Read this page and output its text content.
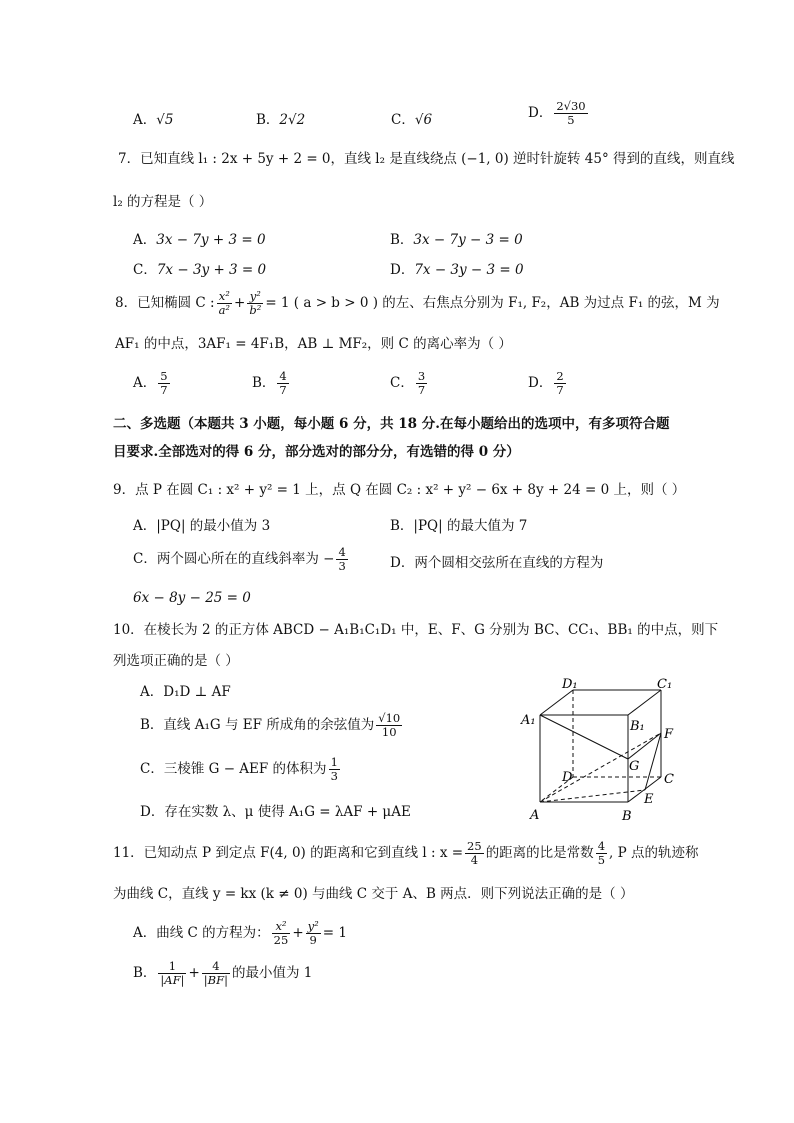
A．√5	B．2√2	C．√6	D． $\frac{2√30}{5}$
7．已知直线 l₁ : 2x + 5y + 2 = 0，直线 l₂ 是直线绕点 (−1, 0) 逆时针旋转 45° 得到的直线，则直线
l₂ 的方程是（ ）
A．3x − 7y + 3 = 0	B．3x − 7y − 3 = 0
C．7x − 3y + 3 = 0	D．7x − 3y − 3 = 0
8．已知椭圆 C : $\frac{\text{x²}}{\text{a²}} + \frac{\text{y²}}{\text{b²}} = 1$ ( a > b > 0 ) 的左、右焦点分别为 F₁, F₂，AB 为过点 F₁ 的弦，M 为
AF₁ 的中点，3AF₁ = 4F₁B，AB ⊥ MF₂，则 C 的离心率为（ ）
A． $\frac{5}{7}$	B． $\frac{4}{7}$	C． $\frac{3}{7}$	D． $\frac{2}{7}$
二、多选题（本题共 3 小题，每小题 6 分，共 18 分.在每小题给出的选项中，有多项符合题
目要求.全部选对的得 6 分，部分选对的部分分，有选错的得 0 分）
9．点 P 在圆 C₁ : x² + y² = 1 上，点 Q 在圆 C₂ : x² + y² − 6x + 8y + 24 = 0 上，则（ ）
A．|PQ| 的最小值为 3	B．|PQ| 的最大值为 7
C．两个圆心所在的直线斜率为 − $\frac{4}{3}$	D．两个圆相交弦所在直线的方程为
6x − 8y − 25 = 0
10．在棱长为 2 的正方体 ABCD − A₁B₁C₁D₁ 中，E、F、G 分别为 BC、CC₁、BB₁ 的中点，则下
列选项正确的是（ ）
A．D₁D ⊥ AF
B．直线 A₁G 与 EF 所成角的余弦值为 $\frac{√10}{10}$
C．三棱锥 G − AEF 的体积为 $\frac{1}{3}$
D．存在实数 λ、μ 使得 A₁G = λAF + μAE
D₁	C₁
A₁	B₁
F
G
D	C
E
A	B
11．已知动点 P 到定点 F(4, 0) 的距离和它到直线 l : $x = \frac{25}{4}$ 的距离的比是常数 $\frac{4}{5}$ , P 点的轨迹称
为曲线 C，直线 y = kx (k ≠ 0) 与曲线 C 交于 A、B 两点．则下列说法正确的是（ ）
A．曲线 C 的方程为： $\frac{\text{x²}}{25} + \frac{\text{y²}}{9} = 1$
B． $\frac{1}{|AF|} + \frac{4}{|BF|}$ 的最小值为 1
